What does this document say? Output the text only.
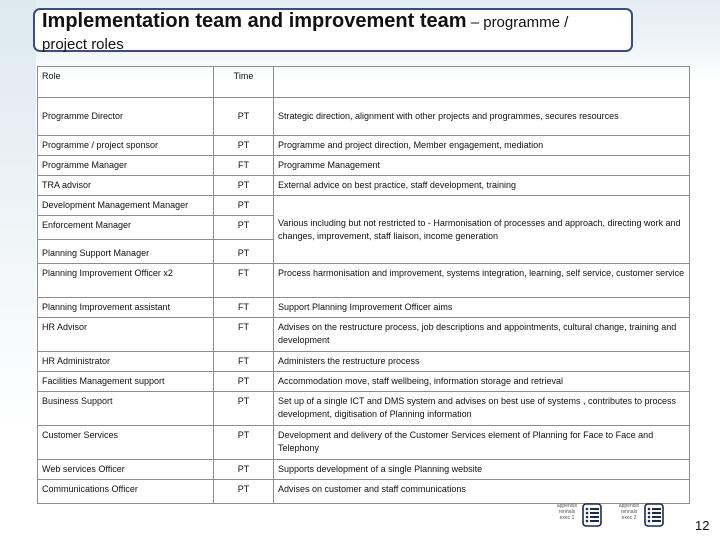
Implementation team and improvement team – programme /
project roles
Role	Time	
Programme Director	PT	Strategic direction, alignment with other projects and programmes, secures resources
Programme / project sponsor	PT	Programme and project direction, Member engagement, mediation
Programme Manager	FT	Programme Management
TRA advisor	PT	External advice on best practice, staff development, training
Development Management Manager	PT	Various including but not restricted to - Harmonisation of processes and approach, directing work and changes, improvement, staff liaison, income generation
Enforcement Manager	PT	
Planning Support Manager	PT	
Planning Improvement Officer x2	FT	Process harmonisation and improvement, systems integration, learning, self service, customer service
Planning Improvement assistant	FT	Support Planning Improvement Officer aims
HR Advisor	FT	Advises on the restructure process, job descriptions and appointments, cultural change, training and development
HR Administrator	FT	Administers the restructure process
Facilities Management support	PT	Accommodation move, staff wellbeing, information storage and retrieval
Business Support	PT	Set up of a single ICT and DMS system and advises on best use of systems , contributes to process development, digitisation of Planning information
Customer Services	PT	Development and delivery of the Customer Services element of Planning for Face to Face and Telephony
Web services Officer	PT	Supports development of a single Planning website
Communications Officer	PT	Advises on customer and staff communications
appendix
rennals
exec 1
appendix
rennals
exec 2	12
